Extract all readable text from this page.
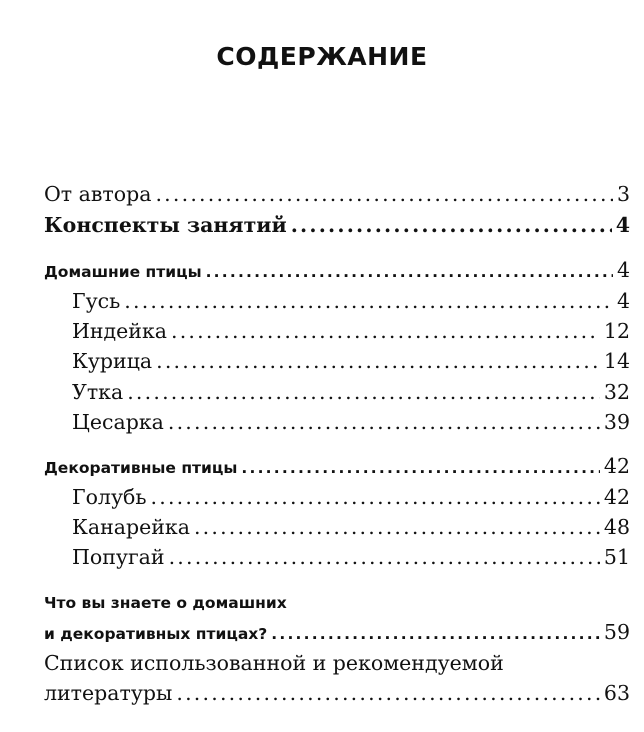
СОДЕРЖАНИЕ
От автора .....	3
Конспекты занятий .....	4
Домашние птицы .....	4
Гусь .....	4
Индейка .....	12
Курица .....	14
Утка .....	32
Цесарка .....	39
Декоративные птицы .....	42
Голубь .....	42
Канарейка .....	48
Попугай .....	51
Что вы знаете о домашних
и декоративных птицах? .....	59
Список использованной и рекомендуемой
литературы .....	63
